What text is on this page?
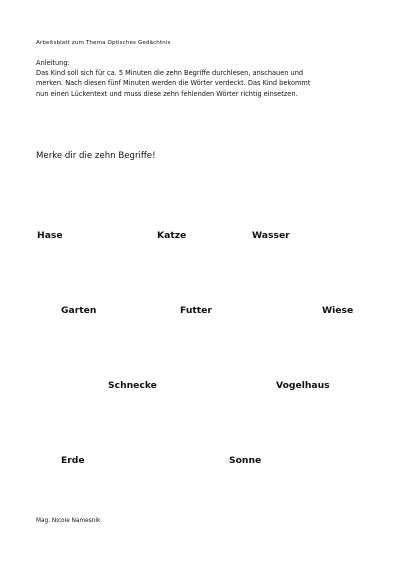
Arbeitsblatt zum Thema Optisches Gedächtnis
Anleitung:
Das Kind soll sich für ca. 5 Minuten die zehn Begriffe durchlesen, anschauen und
merken. Nach diesen fünf Minuten werden die Wörter verdeckt. Das Kind bekommt
nun einen Lückentext und muss diese zehn fehlenden Wörter richtig einsetzen.
Merke dir die zehn Begriffe!
Hase	Katze	Wasser
Garten	Futter	Wiese
Schnecke	Vogelhaus
Erde	Sonne
Mag. Nicole Namesnik
